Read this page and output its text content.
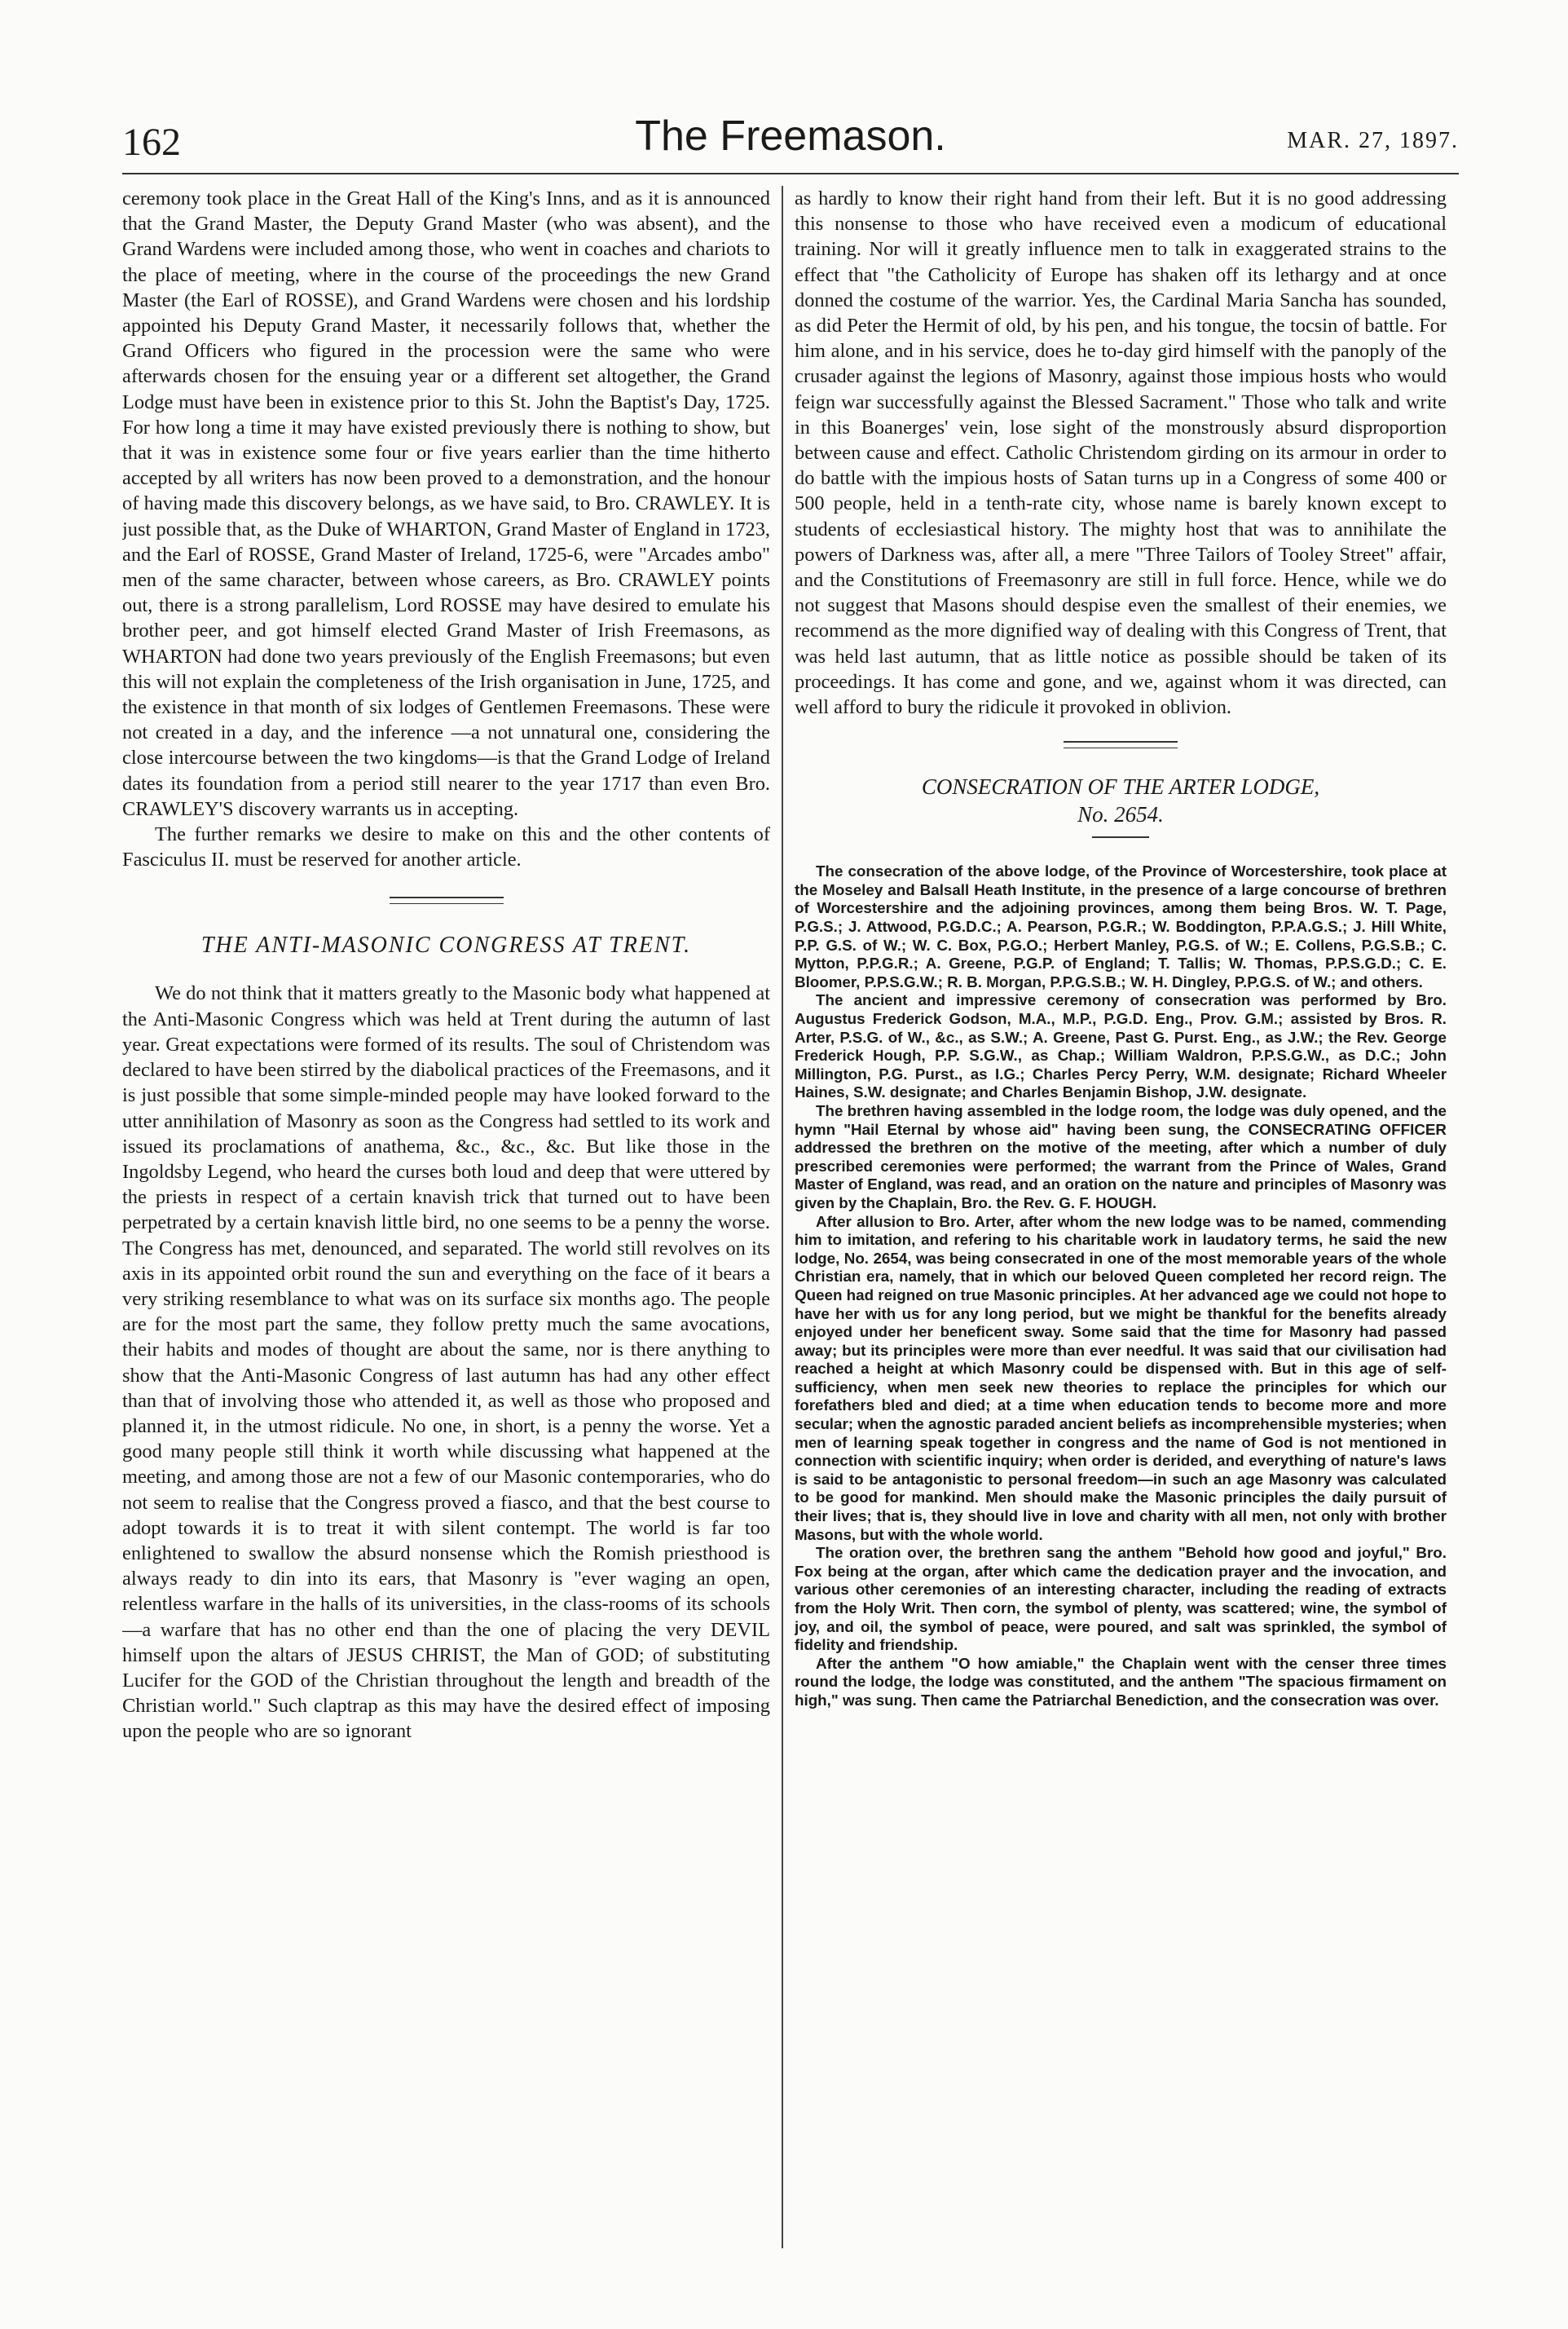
162	The Freemason.	MAR. 27, 1897.

ceremony took place in the Great Hall of the King's Inns, and as it is announced that the Grand Master, the Deputy Grand Master (who was absent), and the Grand Wardens were included among those, who went in coaches and chariots to the place of meeting, where in the course of the proceedings the new Grand Master (the Earl of ROSSE), and Grand Wardens were chosen and his lordship appointed his Deputy Grand Master, it necessarily follows that, whether the Grand Officers who figured in the procession were the same who were afterwards chosen for the ensuing year or a different set altogether, the Grand Lodge must have been in existence prior to this St. John the Baptist's Day, 1725. For how long a time it may have existed previously there is nothing to show, but that it was in existence some four or five years earlier than the time hitherto accepted by all writers has now been proved to a demonstration, and the honour of having made this discovery belongs, as we have said, to Bro. CRAWLEY. It is just possible that, as the Duke of WHARTON, Grand Master of England in 1723, and the Earl of ROSSE, Grand Master of Ireland, 1725-6, were "Arcades ambo" men of the same character, between whose careers, as Bro. CRAWLEY points out, there is a strong parallelism, Lord ROSSE may have desired to emulate his brother peer, and got himself elected Grand Master of Irish Freemasons, as WHARTON had done two years previously of the English Freemasons; but even this will not explain the completeness of the Irish organisation in June, 1725, and the existence in that month of six lodges of Gentlemen Freemasons. These were not created in a day, and the inference —a not unnatural one, considering the close intercourse between the two kingdoms—is that the Grand Lodge of Ireland dates its foundation from a period still nearer to the year 1717 than even Bro. CRAWLEY'S discovery warrants us in accepting.

The further remarks we desire to make on this and the other contents of Fasciculus II. must be reserved for another article.

THE ANTI-MASONIC CONGRESS AT TRENT.

We do not think that it matters greatly to the Masonic body what happened at the Anti-Masonic Congress which was held at Trent during the autumn of last year. Great expectations were formed of its results. The soul of Christendom was declared to have been stirred by the diabolical practices of the Freemasons, and it is just possible that some simple-minded people may have looked forward to the utter annihilation of Masonry as soon as the Congress had settled to its work and issued its proclamations of anathema, &c., &c., &c. But like those in the Ingoldsby Legend, who heard the curses both loud and deep that were uttered by the priests in respect of a certain knavish trick that turned out to have been perpetrated by a certain knavish little bird, no one seems to be a penny the worse. The Congress has met, denounced, and separated. The world still revolves on its axis in its appointed orbit round the sun and everything on the face of it bears a very striking resemblance to what was on its surface six months ago. The people are for the most part the same, they follow pretty much the same avocations, their habits and modes of thought are about the same, nor is there anything to show that the Anti-Masonic Congress of last autumn has had any other effect than that of involving those who attended it, as well as those who proposed and planned it, in the utmost ridicule. No one, in short, is a penny the worse. Yet a good many people still think it worth while discussing what happened at the meeting, and among those are not a few of our Masonic contemporaries, who do not seem to realise that the Congress proved a fiasco, and that the best course to adopt towards it is to treat it with silent contempt. The world is far too enlightened to swallow the absurd nonsense which the Romish priesthood is always ready to din into its ears, that Masonry is "ever waging an open, relentless warfare in the halls of its universities, in the class-rooms of its schools—a warfare that has no other end than the one of placing the very DEVIL himself upon the altars of JESUS CHRIST, the Man of GOD; of substituting Lucifer for the GOD of the Christian throughout the length and breadth of the Christian world." Such claptrap as this may have the desired effect of imposing upon the people who are so ignorant

as hardly to know their right hand from their left. But it is no good addressing this nonsense to those who have received even a modicum of educational training. Nor will it greatly influence men to talk in exaggerated strains to the effect that "the Catholicity of Europe has shaken off its lethargy and at once donned the costume of the warrior. Yes, the Cardinal Maria Sancha has sounded, as did Peter the Hermit of old, by his pen, and his tongue, the tocsin of battle. For him alone, and in his service, does he to-day gird himself with the panoply of the crusader against the legions of Masonry, against those impious hosts who would feign war successfully against the Blessed Sacrament." Those who talk and write in this Boanerges' vein, lose sight of the monstrously absurd disproportion between cause and effect. Catholic Christendom girding on its armour in order to do battle with the impious hosts of Satan turns up in a Congress of some 400 or 500 people, held in a tenth-rate city, whose name is barely known except to students of ecclesiastical history. The mighty host that was to annihilate the powers of Darkness was, after all, a mere "Three Tailors of Tooley Street" affair, and the Constitutions of Freemasonry are still in full force. Hence, while we do not suggest that Masons should despise even the smallest of their enemies, we recommend as the more dignified way of dealing with this Congress of Trent, that was held last autumn, that as little notice as possible should be taken of its proceedings. It has come and gone, and we, against whom it was directed, can well afford to bury the ridicule it provoked in oblivion.

CONSECRATION OF THE ARTER LODGE,
No. 2654.

The consecration of the above lodge, of the Province of Worcestershire, took place at the Moseley and Balsall Heath Institute, in the presence of a large concourse of brethren of Worcestershire and the adjoining provinces, among them being Bros. W. T. Page, P.G.S.; J. Attwood, P.G.D.C.; A. Pearson, P.G.R.; W. Boddington, P.P.A.G.S.; J. Hill White, P.P. G.S. of W.; W. C. Box, P.G.O.; Herbert Manley, P.G.S. of W.; E. Collens, P.G.S.B.; C. Mytton, P.P.G.R.; A. Greene, P.G.P. of England; T. Tallis; W. Thomas, P.P.S.G.D.; C. E. Bloomer, P.P.S.G.W.; R. B. Morgan, P.P.G.S.B.; W. H. Dingley, P.P.G.S. of W.; and others.

The ancient and impressive ceremony of consecration was performed by Bro. Augustus Frederick Godson, M.A., M.P., P.G.D. Eng., Prov. G.M.; assisted by Bros. R. Arter, P.S.G. of W., &c., as S.W.; A. Greene, Past G. Purst. Eng., as J.W.; the Rev. George Frederick Hough, P.P. S.G.W., as Chap.; William Waldron, P.P.S.G.W., as D.C.; John Millington, P.G. Purst., as I.G.; Charles Percy Perry, W.M. designate; Richard Wheeler Haines, S.W. designate; and Charles Benjamin Bishop, J.W. designate.

The brethren having assembled in the lodge room, the lodge was duly opened, and the hymn "Hail Eternal by whose aid" having been sung, the CONSECRATING OFFICER addressed the brethren on the motive of the meeting, after which a number of duly prescribed ceremonies were performed; the warrant from the Prince of Wales, Grand Master of England, was read, and an oration on the nature and principles of Masonry was given by the Chaplain, Bro. the Rev. G. F. HOUGH.

After allusion to Bro. Arter, after whom the new lodge was to be named, commending him to imitation, and refering to his charitable work in laudatory terms, he said the new lodge, No. 2654, was being consecrated in one of the most memorable years of the whole Christian era, namely, that in which our beloved Queen completed her record reign. The Queen had reigned on true Masonic principles. At her advanced age we could not hope to have her with us for any long period, but we might be thankful for the benefits already enjoyed under her beneficent sway. Some said that the time for Masonry had passed away; but its principles were more than ever needful. It was said that our civilisation had reached a height at which Masonry could be dispensed with. But in this age of self-sufficiency, when men seek new theories to replace the principles for which our forefathers bled and died; at a time when education tends to become more and more secular; when the agnostic paraded ancient beliefs as incomprehensible mysteries; when men of learning speak together in congress and the name of God is not mentioned in connection with scientific inquiry; when order is derided, and everything of nature's laws is said to be antagonistic to personal freedom—in such an age Masonry was calculated to be good for mankind. Men should make the Masonic principles the daily pursuit of their lives; that is, they should live in love and charity with all men, not only with brother Masons, but with the whole world.

The oration over, the brethren sang the anthem "Behold how good and joyful," Bro. Fox being at the organ, after which came the dedication prayer and the invocation, and various other ceremonies of an interesting character, including the reading of extracts from the Holy Writ. Then corn, the symbol of plenty, was scattered; wine, the symbol of joy, and oil, the symbol of peace, were poured, and salt was sprinkled, the symbol of fidelity and friendship.

After the anthem "O how amiable," the Chaplain went with the censer three times round the lodge, the lodge was constituted, and the anthem "The spacious firmament on high," was sung. Then came the Patriarchal Benediction, and the consecration was over.
